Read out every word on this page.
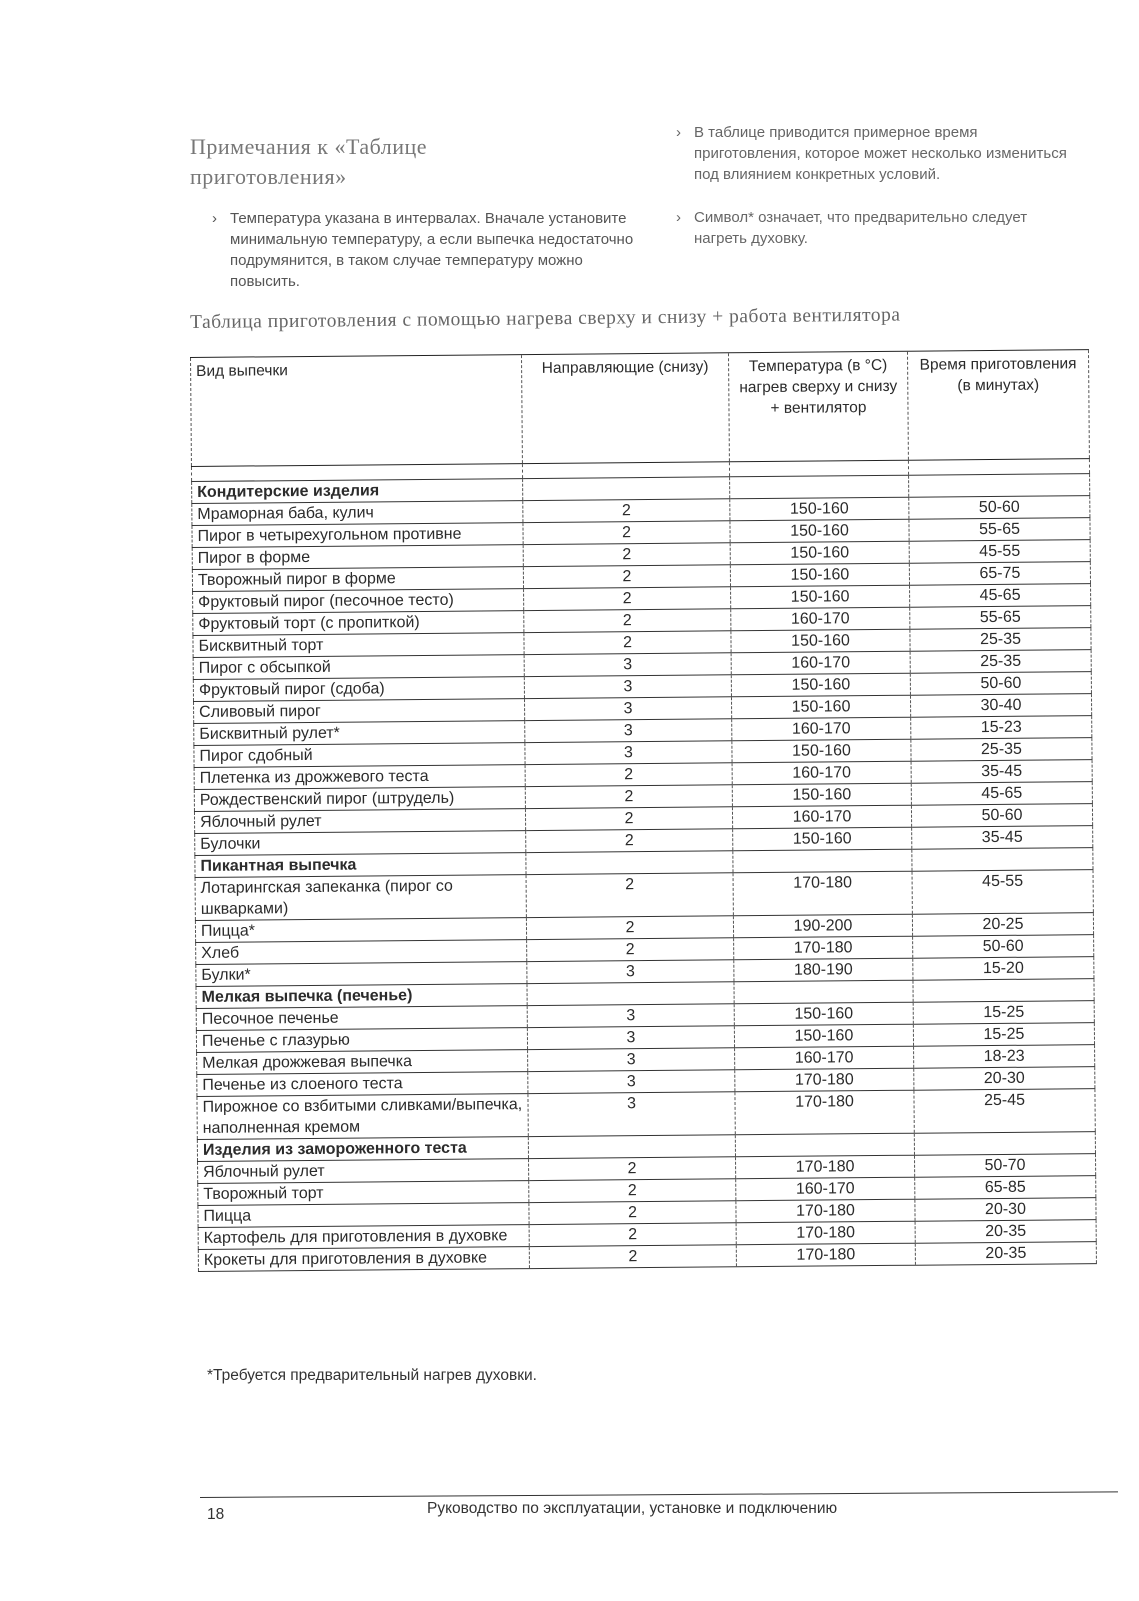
Примечания к «Таблице приготовления»
› Температура указана в интервалах. Вначале установите минимальную температуру, а если выпечка недостаточно подрумянится, в таком случае температуру можно повысить.
› В таблице приводится примерное время приготовления, которое может несколько измениться под влиянием конкретных условий.
› Символ* означает, что предварительно следует нагреть духовку.
Таблица приготовления с помощью нагрева сверху и снизу + работа вентилятора
Вид выпечки	Направляющие (снизу)	Температура (в °С) нагрев сверху и снизу + вентилятор	Время приготовления (в минутах)

Кондитерские изделия			
Мраморная баба, кулич	2	150-160	50-60
Пирог в четырехугольном противне	2	150-160	55-65
Пирог в форме	2	150-160	45-55
Творожный пирог в форме	2	150-160	65-75
Фруктовый пирог (песочное тесто)	2	150-160	45-65
Фруктовый торт (с пропиткой)	2	160-170	55-65
Бисквитный торт	2	150-160	25-35
Пирог с обсыпкой	3	160-170	25-35
Фруктовый пирог (сдоба)	3	150-160	50-60
Сливовый пирог	3	150-160	30-40
Бисквитный рулет*	3	160-170	15-23
Пирог сдобный	3	150-160	25-35
Плетенка из дрожжевого теста	2	160-170	35-45
Рождественский пирог (штрудель)	2	150-160	45-65
Яблочный рулет	2	160-170	50-60
Булочки	2	150-160	35-45
Пикантная выпечка			
Лотарингская запеканка (пирог со шкварками)	2	170-180	45-55
Пицца*	2	190-200	20-25
Хлеб	2	170-180	50-60
Булки*	3	180-190	15-20
Мелкая выпечка (печенье)			
Песочное печенье	3	150-160	15-25
Печенье с глазурью	3	150-160	15-25
Мелкая дрожжевая выпечка	3	160-170	18-23
Печенье из слоеного теста	3	170-180	20-30
Пирожное со взбитыми сливками/выпечка, наполненная кремом	3	170-180	25-45
Изделия из замороженного теста			
Яблочный рулет	2	170-180	50-70
Творожный торт	2	160-170	65-85
Пицца	2	170-180	20-30
Картофель для приготовления в духовке	2	170-180	20-35
Крокеты для приготовления в духовке	2	170-180	20-35
*Требуется предварительный нагрев духовки.
18	Руководство по эксплуатации, установке и подключению
